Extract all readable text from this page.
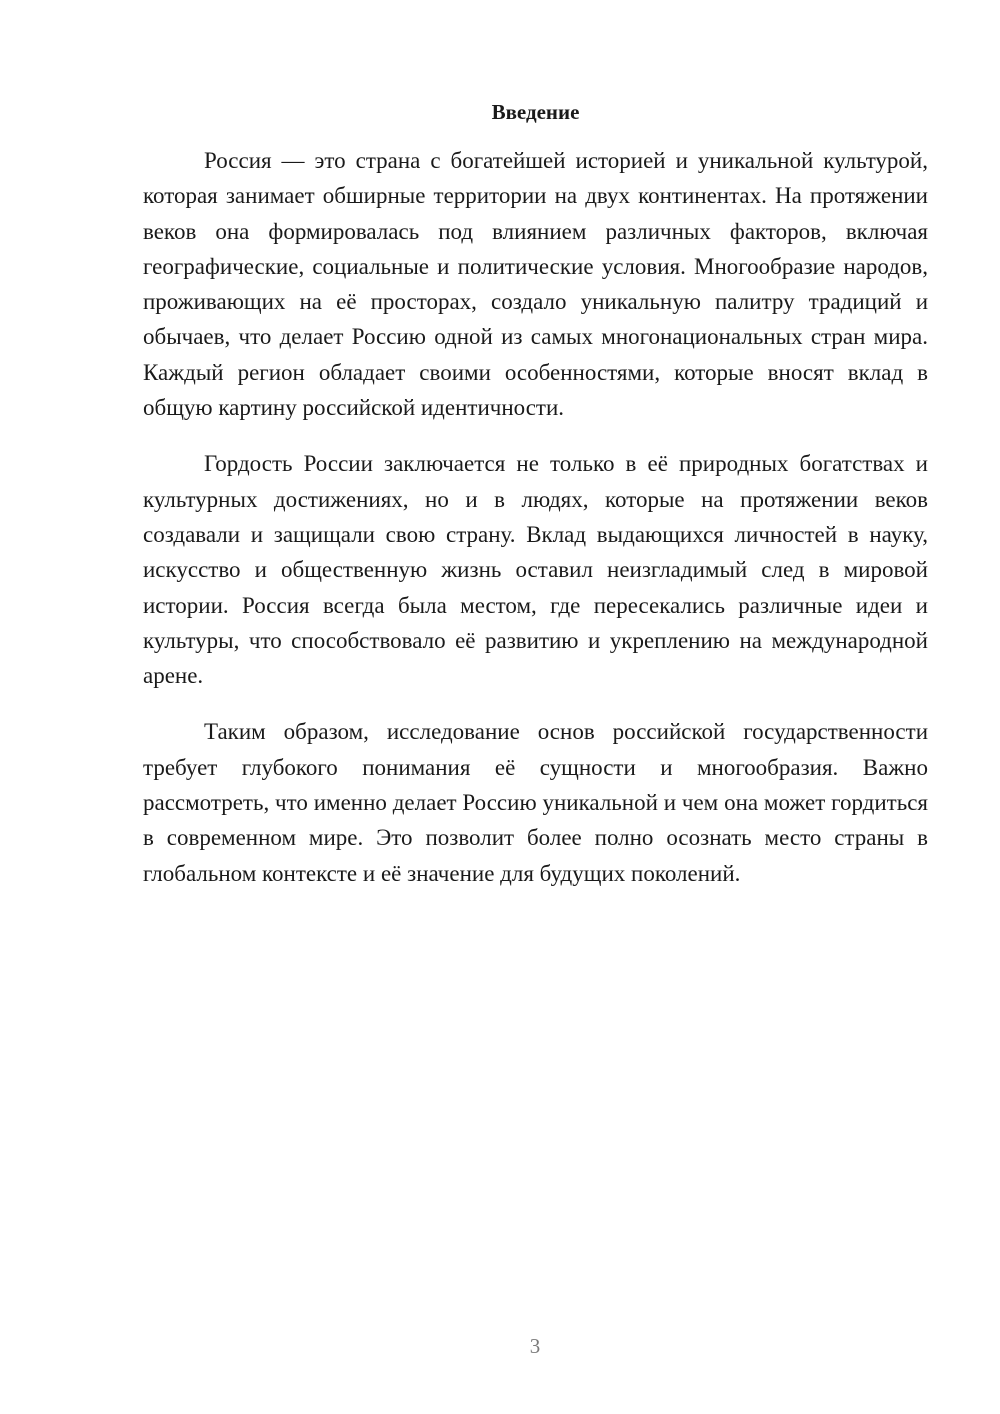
Введение

Россия — это страна с богатейшей историей и уникальной культурой, которая занимает обширные территории на двух континентах. На протяжении веков она формировалась под влиянием различных факторов, включая географические, социальные и политические условия. Многообразие народов, проживающих на её просторах, создало уникальную палитру традиций и обычаев, что делает Россию одной из самых многонациональных стран мира. Каждый регион обладает своими особенностями, которые вносят вклад в общую картину российской идентичности.

Гордость России заключается не только в её природных богатствах и культурных достижениях, но и в людях, которые на протяжении веков создавали и защищали свою страну. Вклад выдающихся личностей в науку, искусство и общественную жизнь оставил неизгладимый след в мировой истории. Россия всегда была местом, где пересекались различные идеи и культуры, что способствовало её развитию и укреплению на международной арене.

Таким образом, исследование основ российской государственности требует глубокого понимания её сущности и многообразия. Важно рассмотреть, что именно делает Россию уникальной и чем она может гордиться в современном мире. Это позволит более полно осознать место страны в глобальном контексте и её значение для будущих поколений.

3
